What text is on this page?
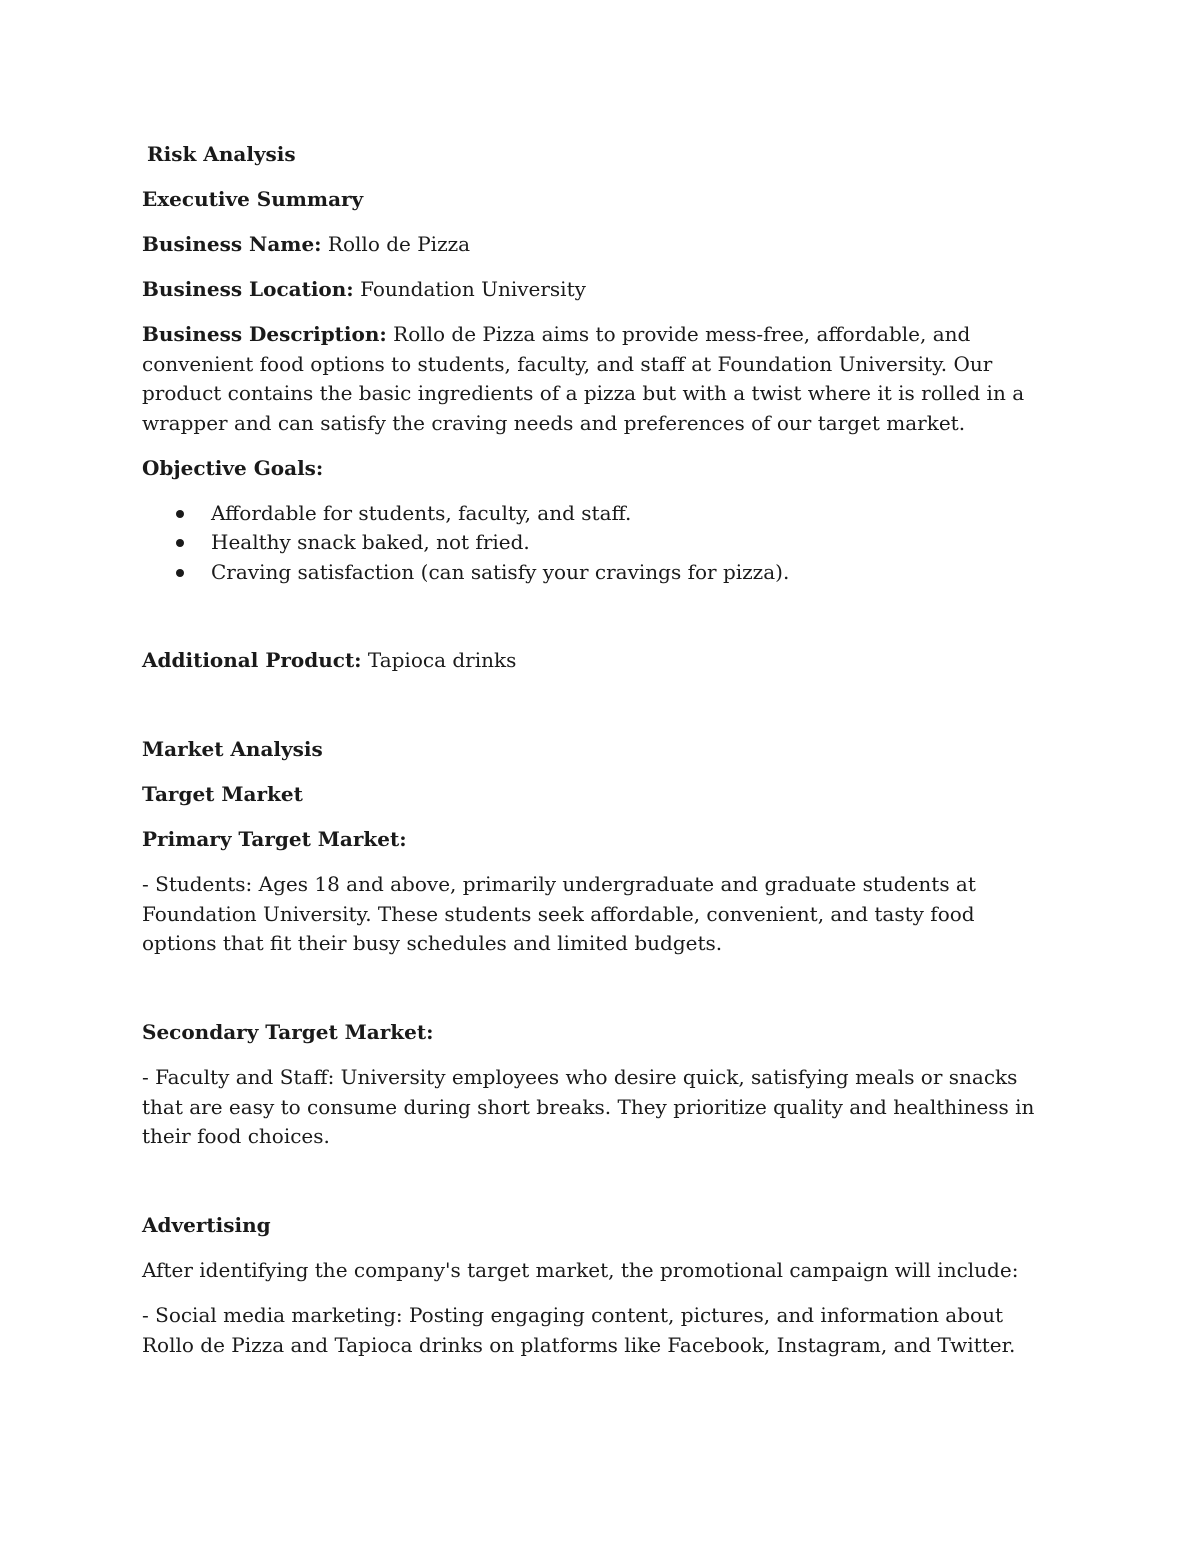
Risk Analysis

Executive Summary

Business Name: Rollo de Pizza

Business Location: Foundation University

Business Description: Rollo de Pizza aims to provide mess-free, affordable, and convenient food options to students, faculty, and staff at Foundation University. Our product contains the basic ingredients of a pizza but with a twist where it is rolled in a wrapper and can satisfy the craving needs and preferences of our target market.

Objective Goals:

Affordable for students, faculty, and staff.
Healthy snack baked, not fried.
Craving satisfaction (can satisfy your cravings for pizza).

Additional Product: Tapioca drinks

Market Analysis

Target Market

Primary Target Market:

- Students: Ages 18 and above, primarily undergraduate and graduate students at Foundation University. These students seek affordable, convenient, and tasty food options that fit their busy schedules and limited budgets.

Secondary Target Market:

- Faculty and Staff: University employees who desire quick, satisfying meals or snacks that are easy to consume during short breaks. They prioritize quality and healthiness in their food choices.

Advertising

After identifying the company's target market, the promotional campaign will include:

- Social media marketing: Posting engaging content, pictures, and information about Rollo de Pizza and Tapioca drinks on platforms like Facebook, Instagram, and Twitter.
